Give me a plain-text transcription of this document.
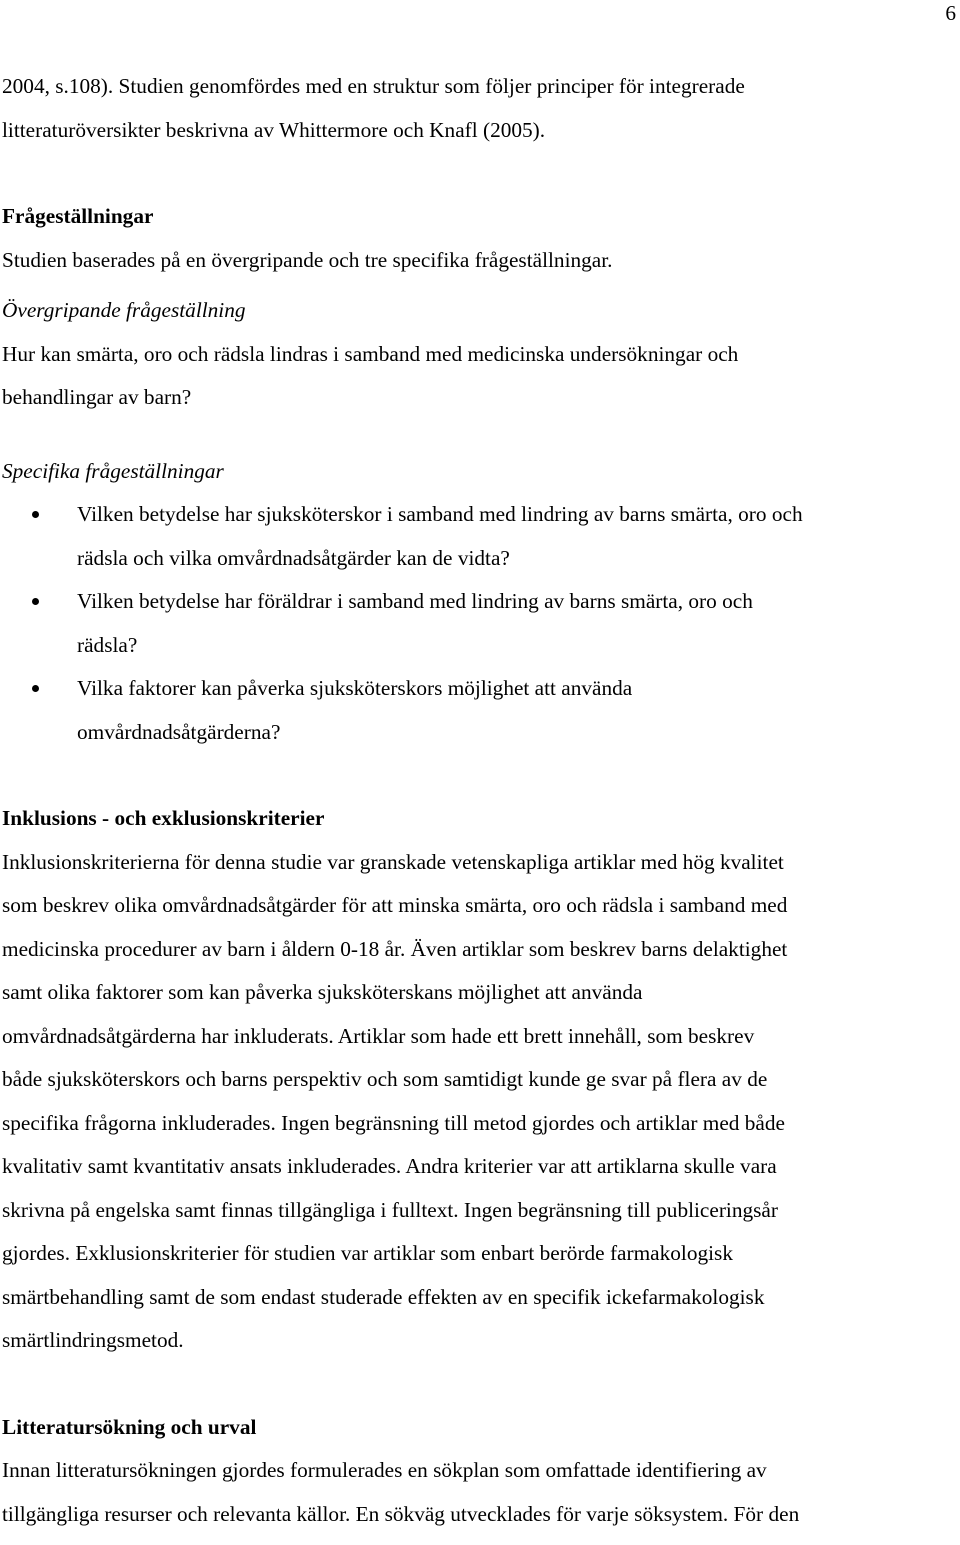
6
2004, s.108). Studien genomfördes med en struktur som följer principer för integrerade
litteraturöversikter beskrivna av Whittermore och Knafl (2005).
Frågeställningar
Studien baserades på en övergripande och tre specifika frågeställningar.
Övergripande frågeställning
Hur kan smärta, oro och rädsla lindras i samband med medicinska undersökningar och
behandlingar av barn?
Specifika frågeställningar
Vilken betydelse har sjuksköterskor i samband med lindring av barns smärta, oro och
rädsla och vilka omvårdnadsåtgärder kan de vidta?
Vilken betydelse har föräldrar i samband med lindring av barns smärta, oro och
rädsla?
Vilka faktorer kan påverka sjuksköterskors möjlighet att använda
omvårdnadsåtgärderna?
Inklusions - och exklusionskriterier
Inklusionskriterierna för denna studie var granskade vetenskapliga artiklar med hög kvalitet
som beskrev olika omvårdnadsåtgärder för att minska smärta, oro och rädsla i samband med
medicinska procedurer av barn i åldern 0-18 år. Även artiklar som beskrev barns delaktighet
samt olika faktorer som kan påverka sjuksköterskans möjlighet att använda
omvårdnadsåtgärderna har inkluderats. Artiklar som hade ett brett innehåll, som beskrev
både sjuksköterskors och barns perspektiv och som samtidigt kunde ge svar på flera av de
specifika frågorna inkluderades. Ingen begränsning till metod gjordes och artiklar med både
kvalitativ samt kvantitativ ansats inkluderades. Andra kriterier var att artiklarna skulle vara
skrivna på engelska samt finnas tillgängliga i fulltext. Ingen begränsning till publiceringsår
gjordes. Exklusionskriterier för studien var artiklar som enbart berörde farmakologisk
smärtbehandling samt de som endast studerade effekten av en specifik ickefarmakologisk
smärtlindringsmetod.
Litteratursökning och urval
Innan litteratursökningen gjordes formulerades en sökplan som omfattade identifiering av
tillgängliga resurser och relevanta källor. En sökväg utvecklades för varje söksystem. För den
